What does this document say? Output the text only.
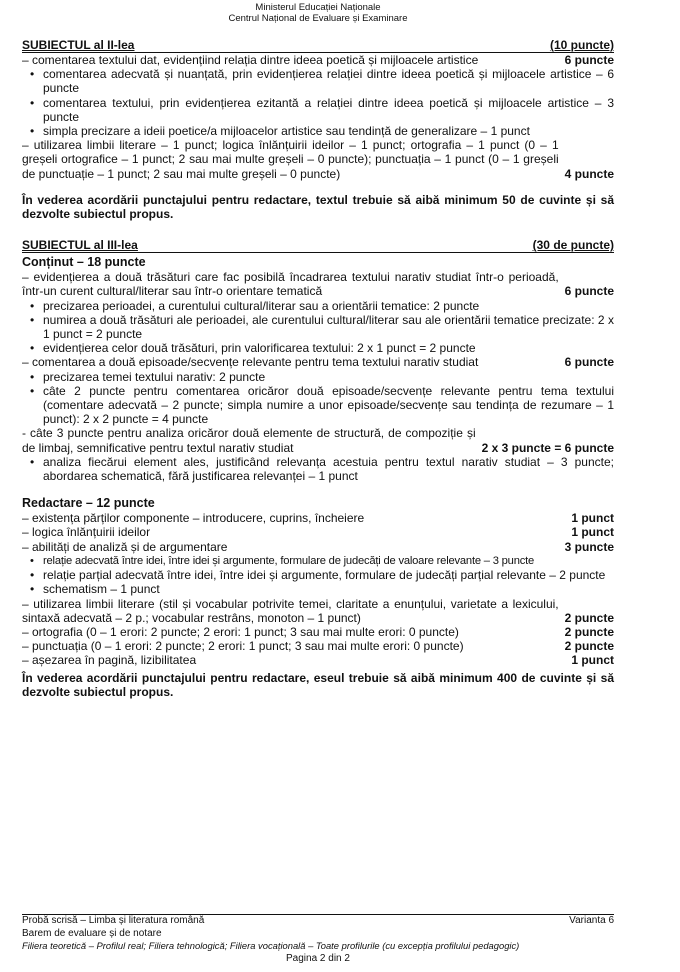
Ministerul Educației Naționale
Centrul Național de Evaluare și Examinare
SUBIECTUL al II-lea	(10 puncte)
– comentarea textului dat, evidențiind relația dintre ideea poetică și mijloacele artistice	6 puncte

• comentarea adecvată și nuanțată, prin evidențierea relației dintre ideea poetică și mijloacele artistice – 6 puncte

• comentarea textului, prin evidențierea ezitantă a relației dintre ideea poetică și mijloacele artistice – 3 puncte

• simpla precizare a ideii poetice/a mijloacelor artistice sau tendință de generalizare – 1 punct

– utilizarea limbii literare – 1 punct; logica înlănțuirii ideilor – 1 punct; ortografia – 1 punct (0 – 1 greșeli ortografice – 1 punct; 2 sau mai multe greșeli – 0 puncte); punctuația – 1 punct (0 – 1 greșeli de punctuație – 1 punct; 2 sau mai multe greșeli – 0 puncte)	4 puncte

În vederea acordării punctajului pentru redactare, textul trebuie să aibă minimum 50 de cuvinte și să dezvolte subiectul propus.

SUBIECTUL al III-lea	(30 de puncte)

Conținut – 18 puncte

– evidențierea a două trăsături care fac posibilă încadrarea textului narativ studiat într-o perioadă, într-un curent cultural/literar sau într-o orientare tematică	6 puncte

• precizarea perioadei, a curentului cultural/literar sau a orientării tematice: 2 puncte

• numirea a două trăsături ale perioadei, ale curentului cultural/literar sau ale orientării tematice precizate: 2 x 1 punct = 2 puncte

• evidențierea celor două trăsături, prin valorificarea textului: 2 x 1 punct = 2 puncte

– comentarea a două episoade/secvențe relevante pentru tema textului narativ studiat	6 puncte

• precizarea temei textului narativ: 2 puncte

• câte 2 puncte pentru comentarea oricăror două episoade/secvențe relevante pentru tema textului (comentare adecvată – 2 puncte; simpla numire a unor episoade/secvențe sau tendința de rezumare – 1 punct): 2 x 2 puncte = 4 puncte

- câte 3 puncte pentru analiza oricăror două elemente de structură, de compoziție și de limbaj, semnificative pentru textul narativ studiat	2 x 3 puncte = 6 puncte

• analiza fiecărui element ales, justificând relevanța acestuia pentru textul narativ studiat – 3 puncte; abordarea schematică, fără justificarea relevanței – 1 punct

Redactare – 12 puncte

– existența părților componente – introducere, cuprins, încheiere	1 punct
– logica înlănțuirii ideilor	1 punct
– abilități de analiză și de argumentare	3 puncte

• relație adecvată între idei, între idei și argumente, formulare de judecăți de valoare relevante – 3 puncte

• relație parțial adecvată între idei, între idei și argumente, formulare de judecăți parțial relevante – 2 puncte

• schematism – 1 punct

– utilizarea limbii literare (stil și vocabular potrivite temei, claritate a enunțului, varietate a lexicului, sintaxă adecvată – 2 p.; vocabular restrâns, monoton – 1 punct)	2 puncte
– ortografia (0 – 1 erori: 2 puncte; 2 erori: 1 punct; 3 sau mai multe erori: 0 puncte)	2 puncte
– punctuația (0 – 1 erori: 2 puncte; 2 erori: 1 punct; 3 sau mai multe erori: 0 puncte)	2 puncte
– așezarea în pagină, lizibilitatea	1 punct

În vederea acordării punctajului pentru redactare, eseul trebuie să aibă minimum 400 de cuvinte și să dezvolte subiectul propus.

Probă scrisă – Limba și literatura română	Varianta 6
Barem de evaluare și de notare
Filiera teoretică – Profilul real; Filiera tehnologică; Filiera vocațională – Toate profilurile (cu excepția profilului pedagogic)
Pagina 2 din 2
